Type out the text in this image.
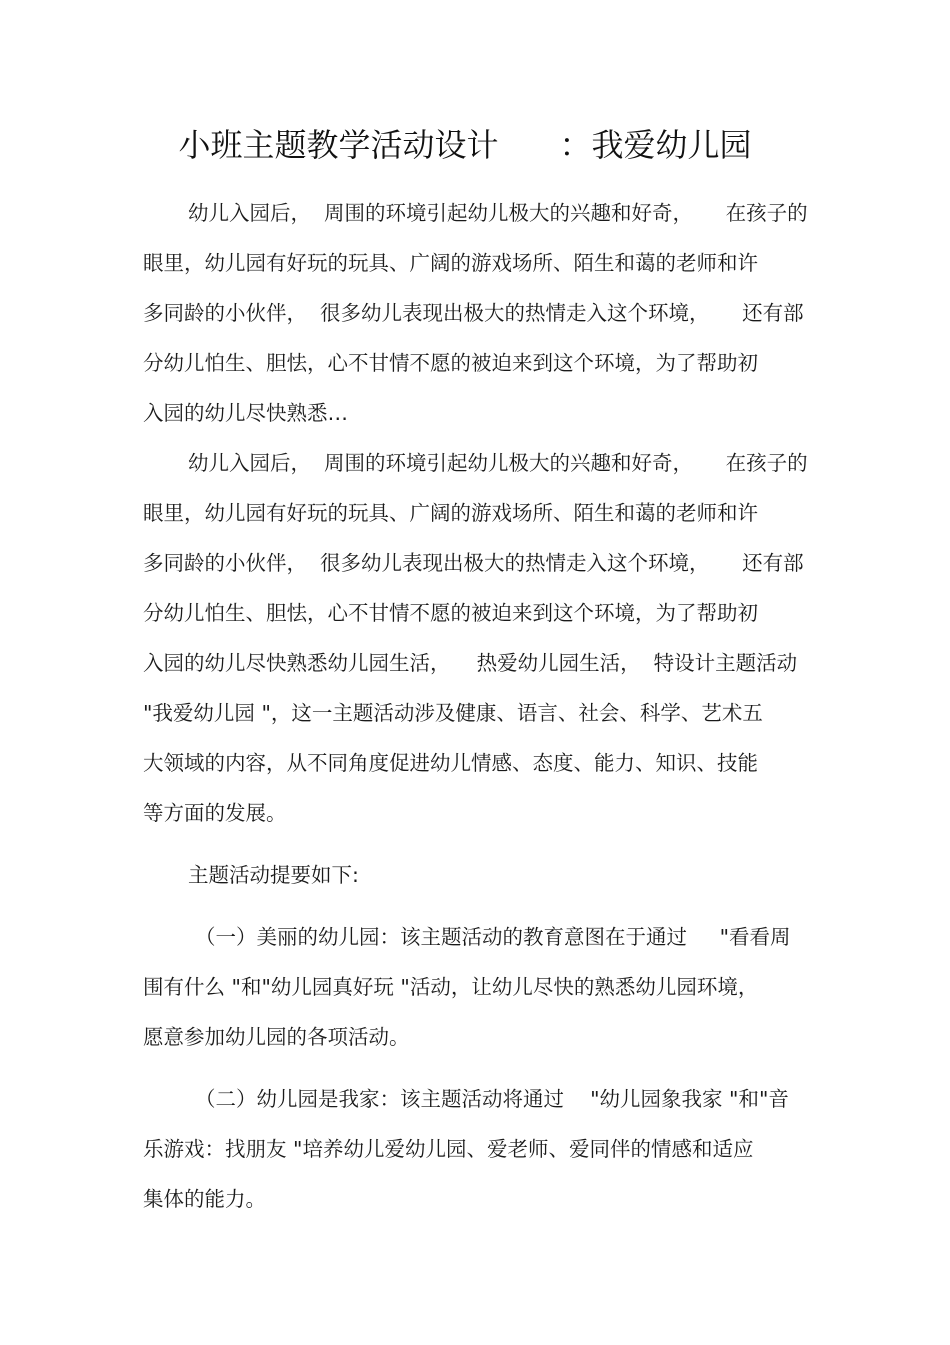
小班主题教学活动设计      ：我爱幼儿园
幼儿入园后，  周围的环境引起幼儿极大的兴趣和好奇，     在孩子的
眼里，幼儿园有好玩的玩具、广阔的游戏场所、陌生和蔼的老师和许
多同龄的小伙伴，  很多幼儿表现出极大的热情走入这个环境，     还有部
分幼儿怕生、胆怯，心不甘情不愿的被迫来到这个环境，为了帮助初
入园的幼儿尽快熟悉…
幼儿入园后，  周围的环境引起幼儿极大的兴趣和好奇，     在孩子的
眼里，幼儿园有好玩的玩具、广阔的游戏场所、陌生和蔼的老师和许
多同龄的小伙伴，  很多幼儿表现出极大的热情走入这个环境，     还有部
分幼儿怕生、胆怯，心不甘情不愿的被迫来到这个环境，为了帮助初
入园的幼儿尽快熟悉幼儿园生活，    热爱幼儿园生活，  特设计主题活动
"我爱幼儿园 "，这一主题活动涉及健康、语言、社会、科学、艺术五
大领域的内容，从不同角度促进幼儿情感、态度、能力、知识、技能
等方面的发展。
主题活动提要如下:
（一）美丽的幼儿园：该主题活动的教育意图在于通过     "看看周
围有什么 "和"幼儿园真好玩 "活动，让幼儿尽快的熟悉幼儿园环境，
愿意参加幼儿园的各项活动。
（二）幼儿园是我家：该主题活动将通过    "幼儿园象我家 "和"音
乐游戏：找朋友 "培养幼儿爱幼儿园、爱老师、爱同伴的情感和适应
集体的能力。
